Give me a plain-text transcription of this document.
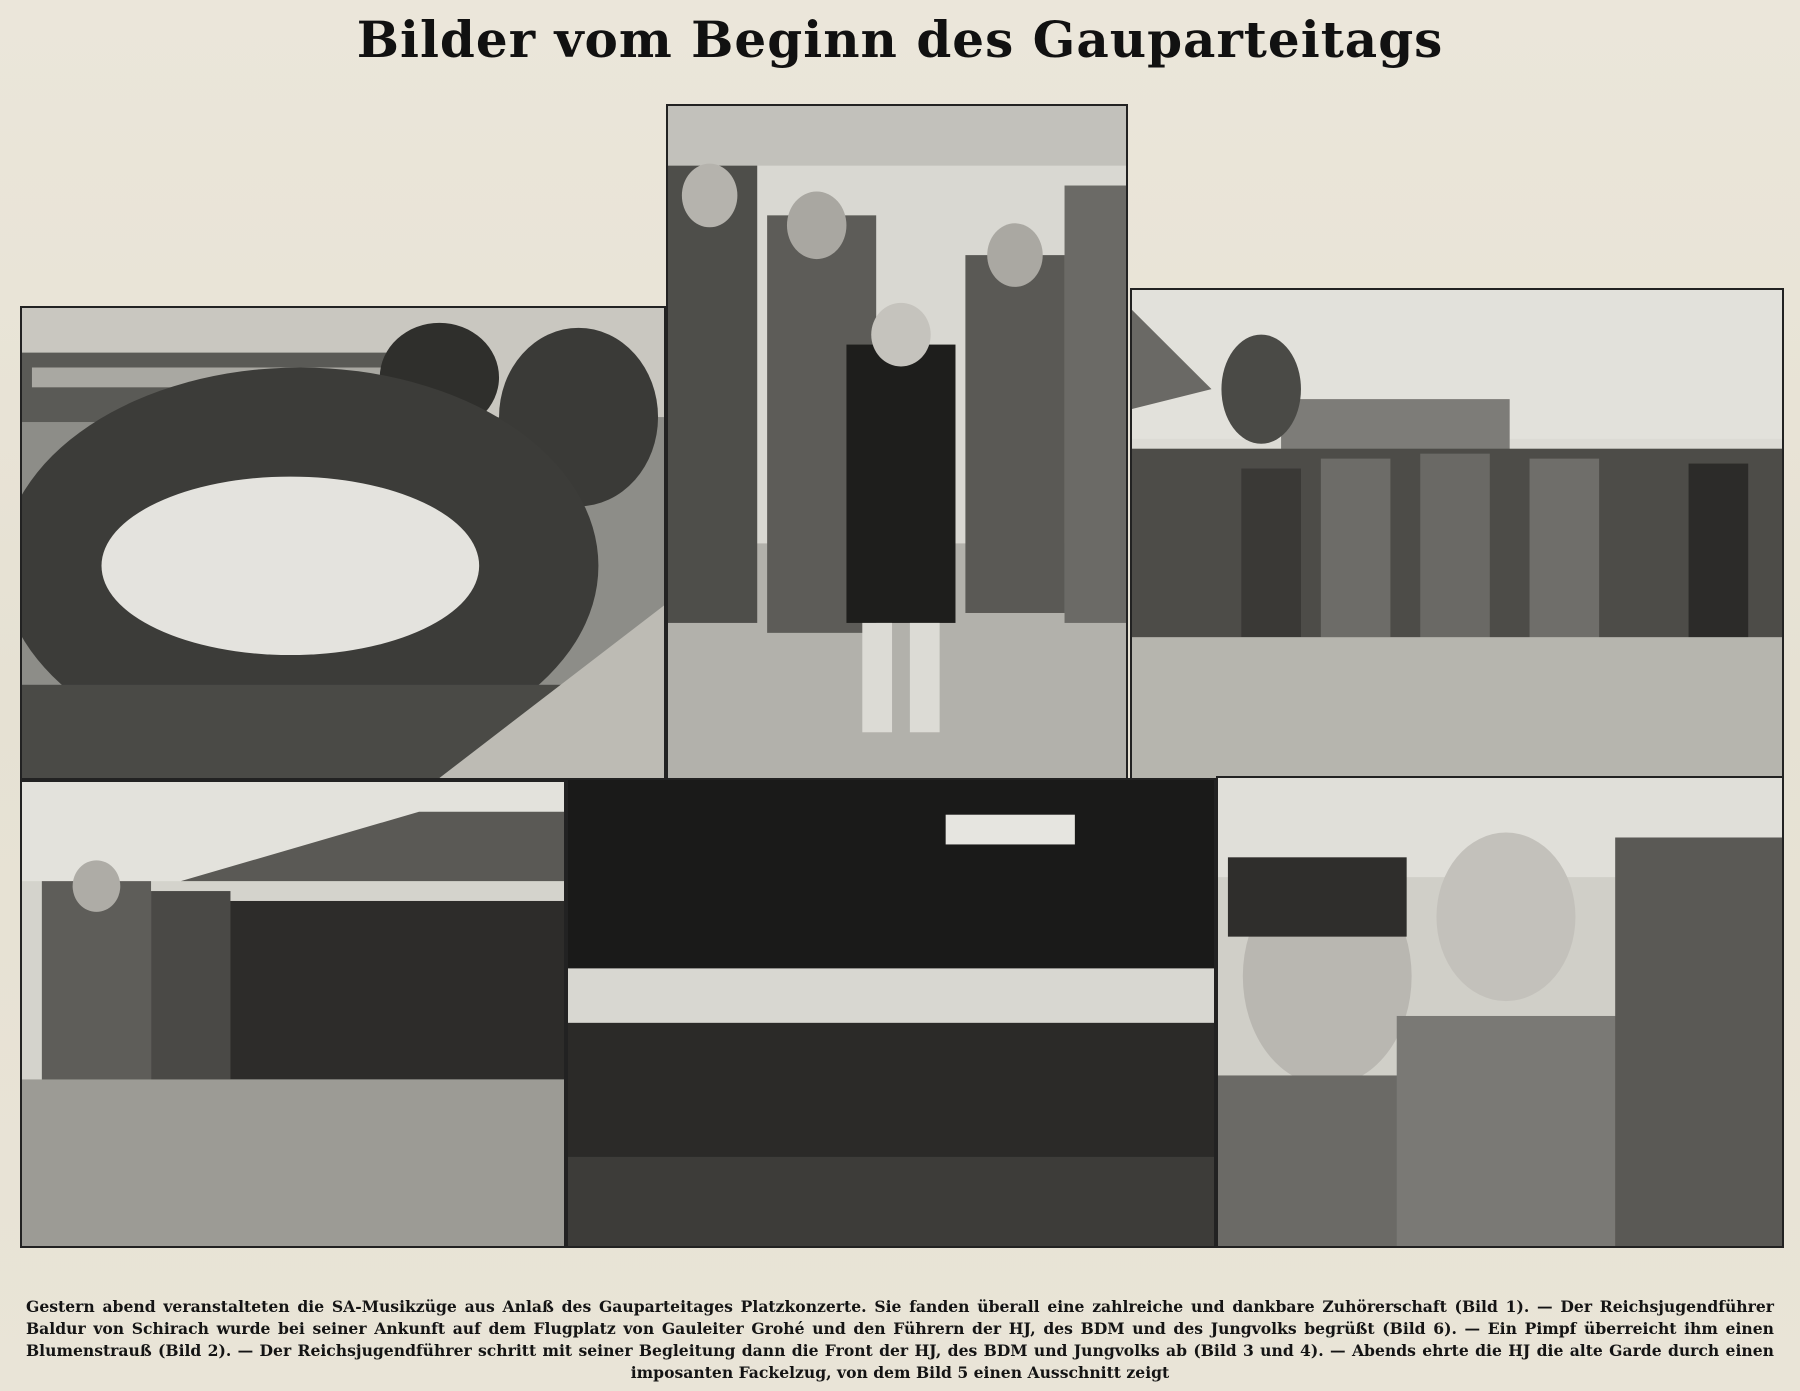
Bilder vom Beginn des Gauparteitags

Gestern abend veranstalteten die SA-Musikzüge aus Anlaß des Gauparteitages Platzkonzerte. Sie fanden überall eine zahlreiche und dankbare Zuhörerschaft (Bild 1). — Der Reichsjugendführer Baldur von Schirach wurde bei seiner Ankunft auf dem Flugplatz von Gauleiter Grohé und den Führern der HJ, des BDM und des Jungvolks begrüßt (Bild 6). — Ein Pimpf überreicht ihm einen Blumenstrauß (Bild 2). — Der Reichsjugendführer schritt mit seiner Begleitung dann die Front der HJ, des BDM und Jungvolks ab (Bild 3 und 4). — Abends ehrte die HJ die alte Garde durch einen imposanten Fackelzug, von dem Bild 5 einen Ausschnitt zeigt
